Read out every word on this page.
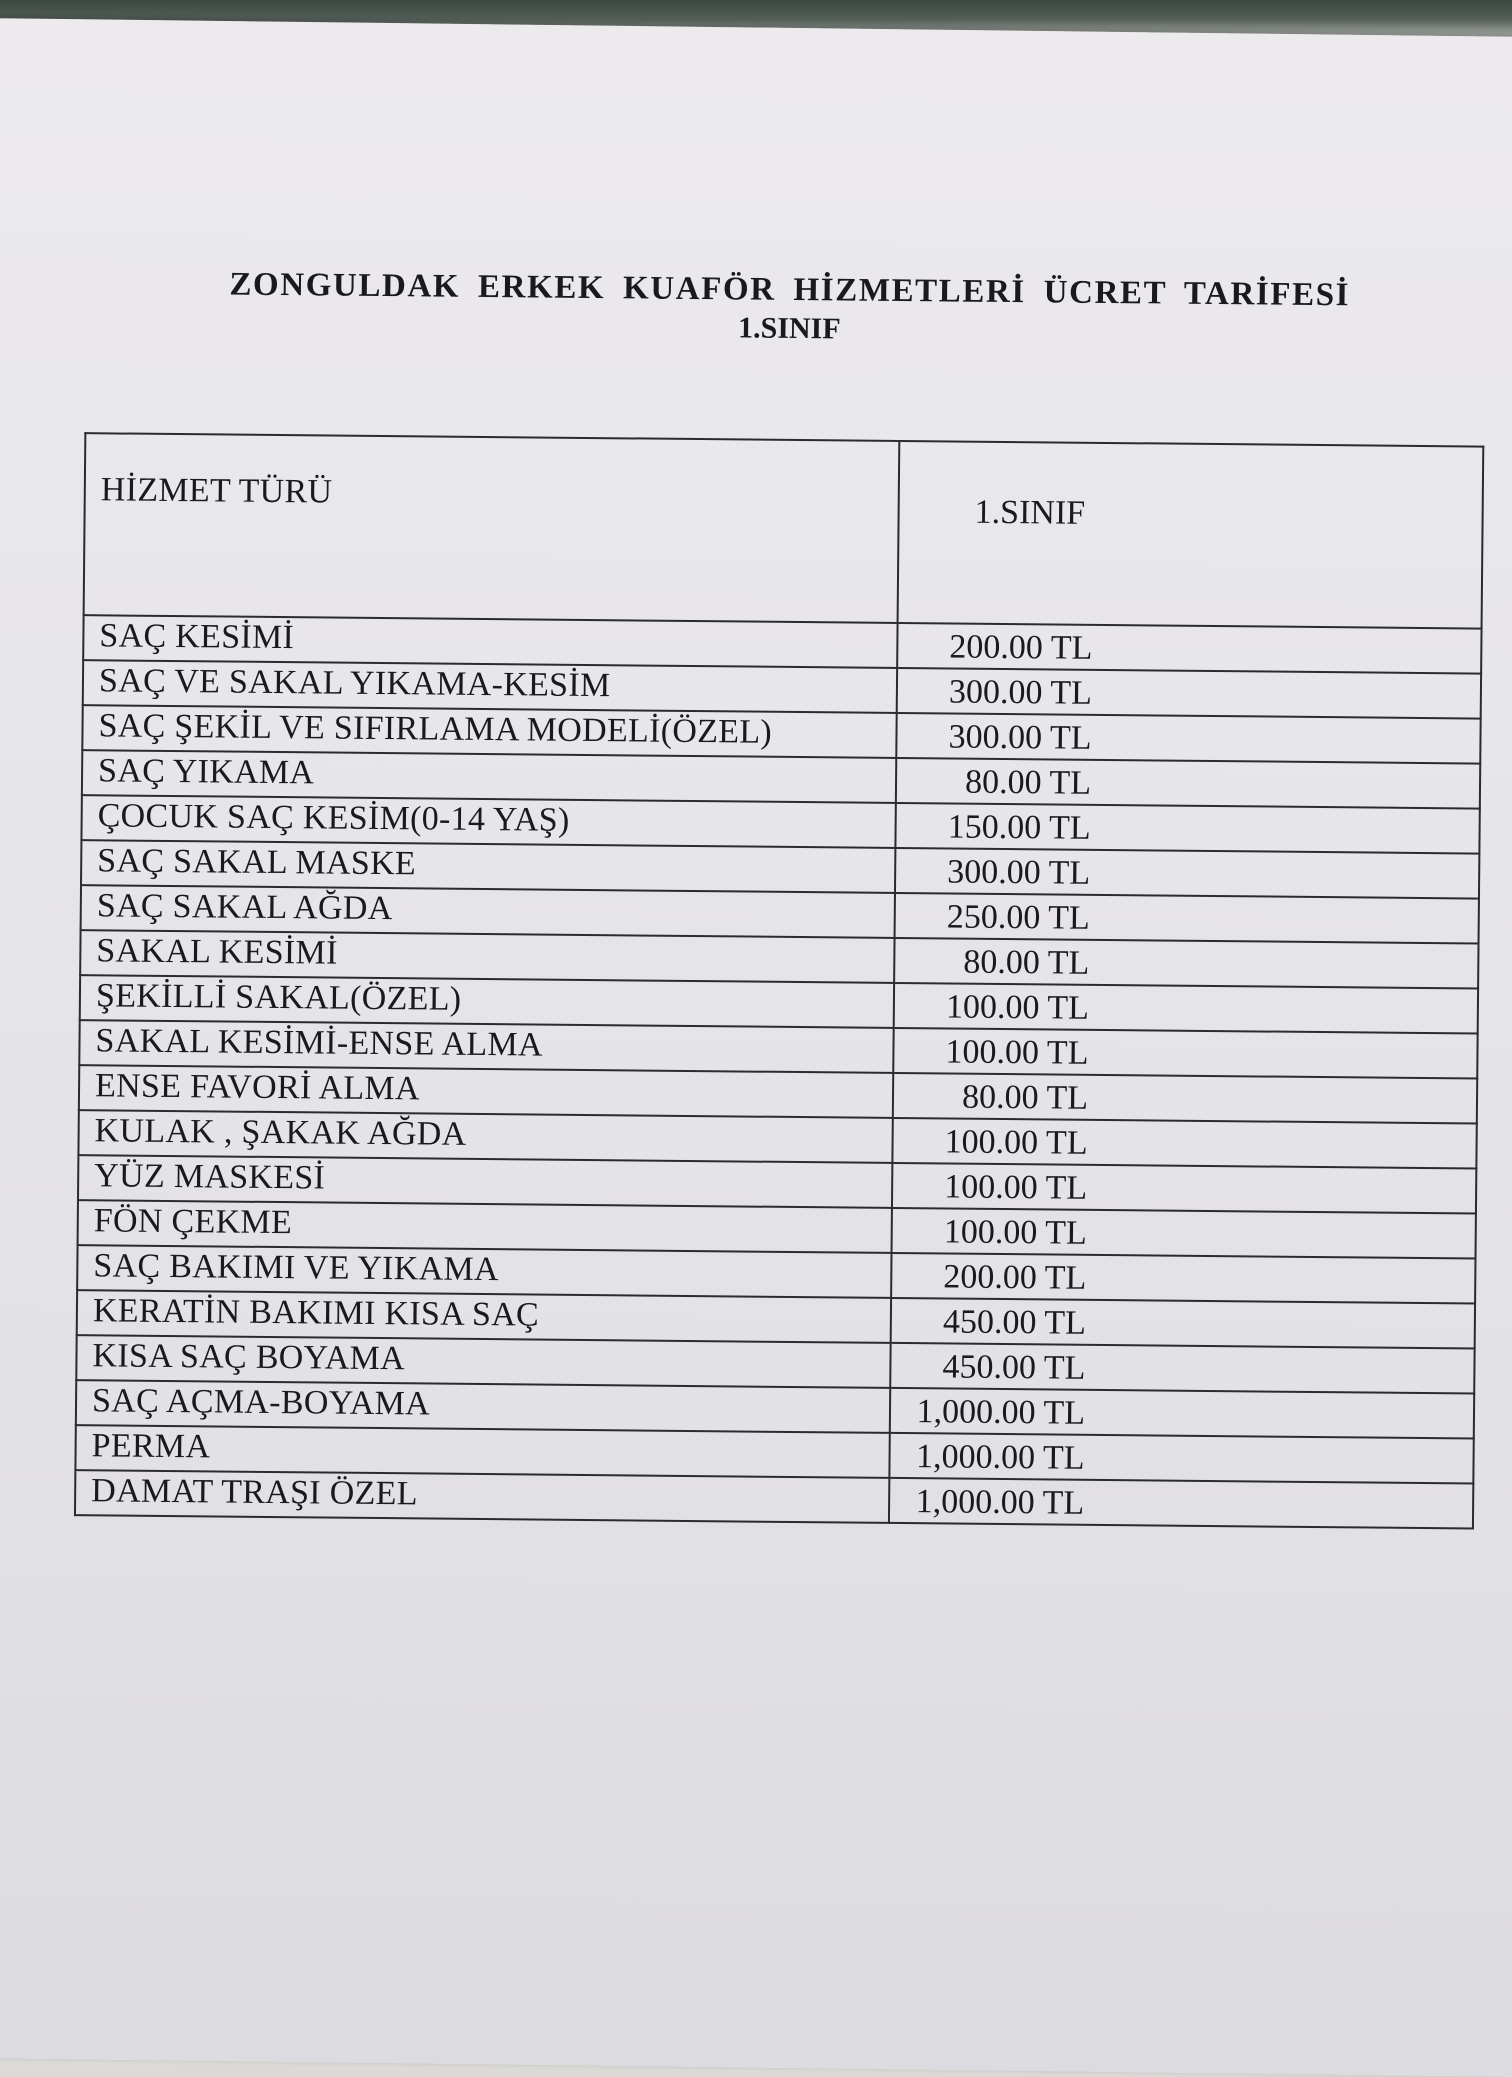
ZONGULDAK ERKEK KUAFÖR HİZMETLERİ ÜCRET TARİFESİ
1.SINIF
HİZMET TÜRÜ	1.SINIF
SAÇ KESİMİ	200.00 TL
SAÇ VE SAKAL YIKAMA-KESİM	300.00 TL
SAÇ ŞEKİL VE SIFIRLAMA MODELİ(ÖZEL)	300.00 TL
SAÇ YIKAMA	80.00 TL
ÇOCUK SAÇ KESİM(0-14 YAŞ)	150.00 TL
SAÇ SAKAL MASKE	300.00 TL
SAÇ SAKAL AĞDA	250.00 TL
SAKAL KESİMİ	80.00 TL
ŞEKİLLİ SAKAL(ÖZEL)	100.00 TL
SAKAL KESİMİ-ENSE ALMA	100.00 TL
ENSE FAVORİ ALMA	80.00 TL
KULAK , ŞAKAK AĞDA	100.00 TL
YÜZ MASKESİ	100.00 TL
FÖN ÇEKME	100.00 TL
SAÇ BAKIMI VE YIKAMA	200.00 TL
KERATİN BAKIMI KISA SAÇ	450.00 TL
KISA SAÇ BOYAMA	450.00 TL
SAÇ AÇMA-BOYAMA	1,000.00 TL
PERMA	1,000.00 TL
DAMAT TRAŞI ÖZEL	1,000.00 TL
